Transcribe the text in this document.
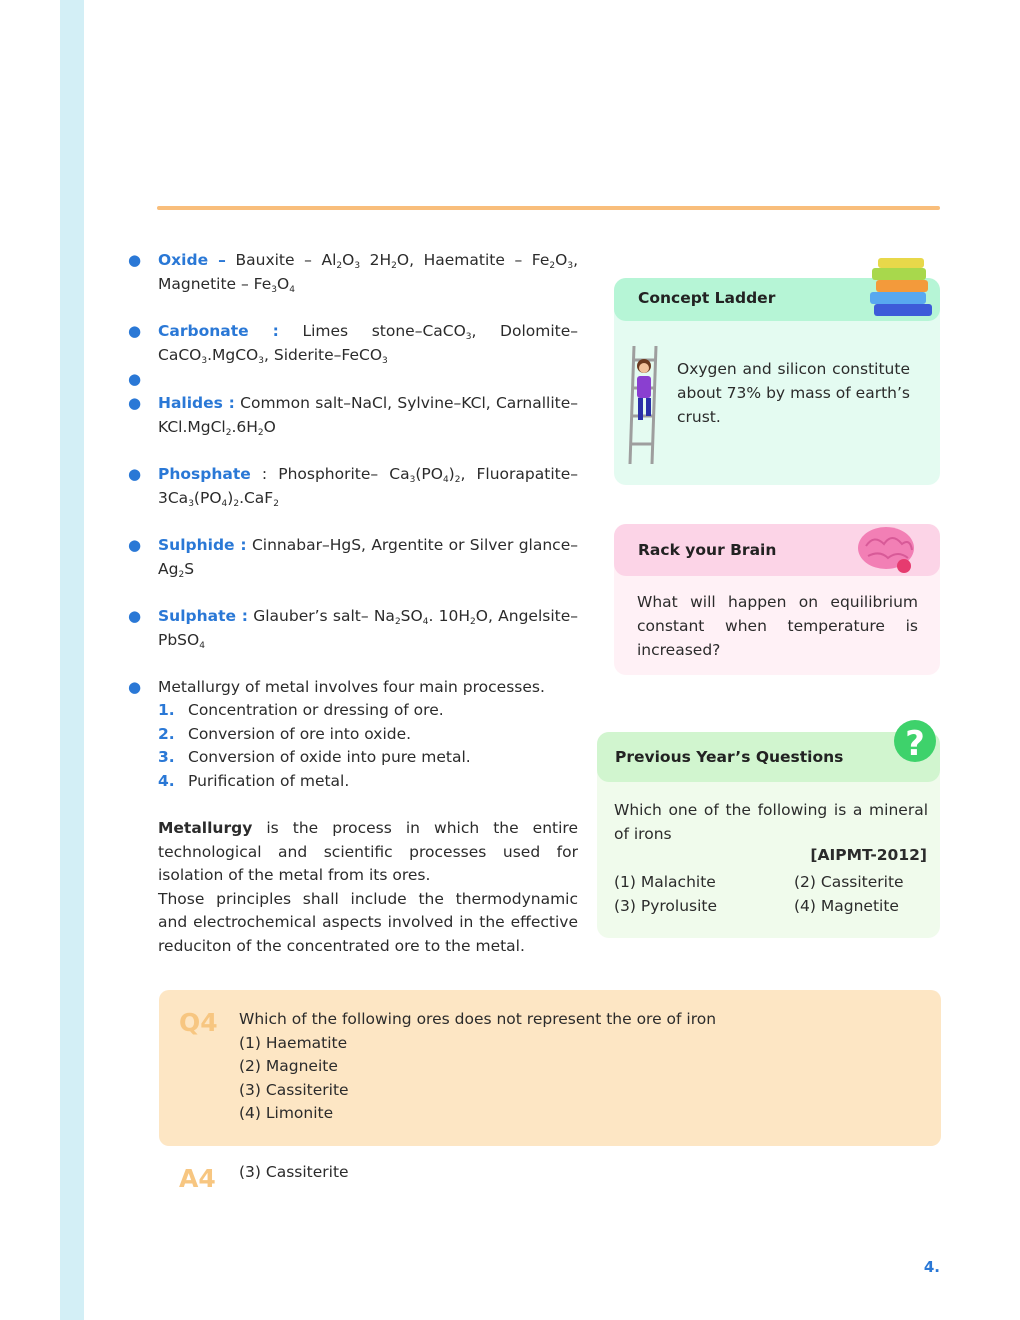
● Oxide – Bauxite – $Al_2O_3$ $2H_2O$, Haematite – $Fe_2O_3$, Magnetite – $Fe_3O_4$
● Carbonate : Limes stone–CaCO$_3$, Dolomite–CaCO$_3$.MgCO$_3$, Siderite–FeCO$_3$
●
● Halides : Common salt–NaCl, Sylvine–KCl, Carnallite–$KCl.MgCl_2.6H_2O$
● Phosphate : Phosphorite– $Ca_3(PO_4)_2$, Fluorapatite–$3Ca_3(PO_4)_2.CaF_2$
● Sulphide : Cinnabar–HgS, Argentite or Silver glance–$Ag_2S$
● Sulphate : Glauber’s salt– $Na_2SO_4$. $10H_2O$, Angelsite–PbSO$_4$
● Metallurgy of metal involves four main processes.
1. Concentration or dressing of ore.
2. Conversion of ore into oxide.
3. Conversion of oxide into pure metal.
4. Purification of metal.
Metallurgy is the process in which the entire technological and scientific processes used for isolation of the metal from its ores.
Those principles shall include the thermodynamic and electrochemical aspects involved in the effective reduciton of the concentrated ore to the metal.
Concept Ladder
Oxygen and silicon constitute about 73% by mass of earth’s crust.
Rack your Brain
What will happen on equilibrium constant when temperature is increased?
Previous Year’s Questions ?
Which one of the following is a mineral of irons
[AIPMT-2012]
(1) Malachite	(2) Cassiterite
(3) Pyrolusite	(4) Magnetite
Q4 Which of the following ores does not represent the ore of iron
(1) Haematite
(2) Magneite
(3) Cassiterite
(4) Limonite
A4 (3) Cassiterite
4.
